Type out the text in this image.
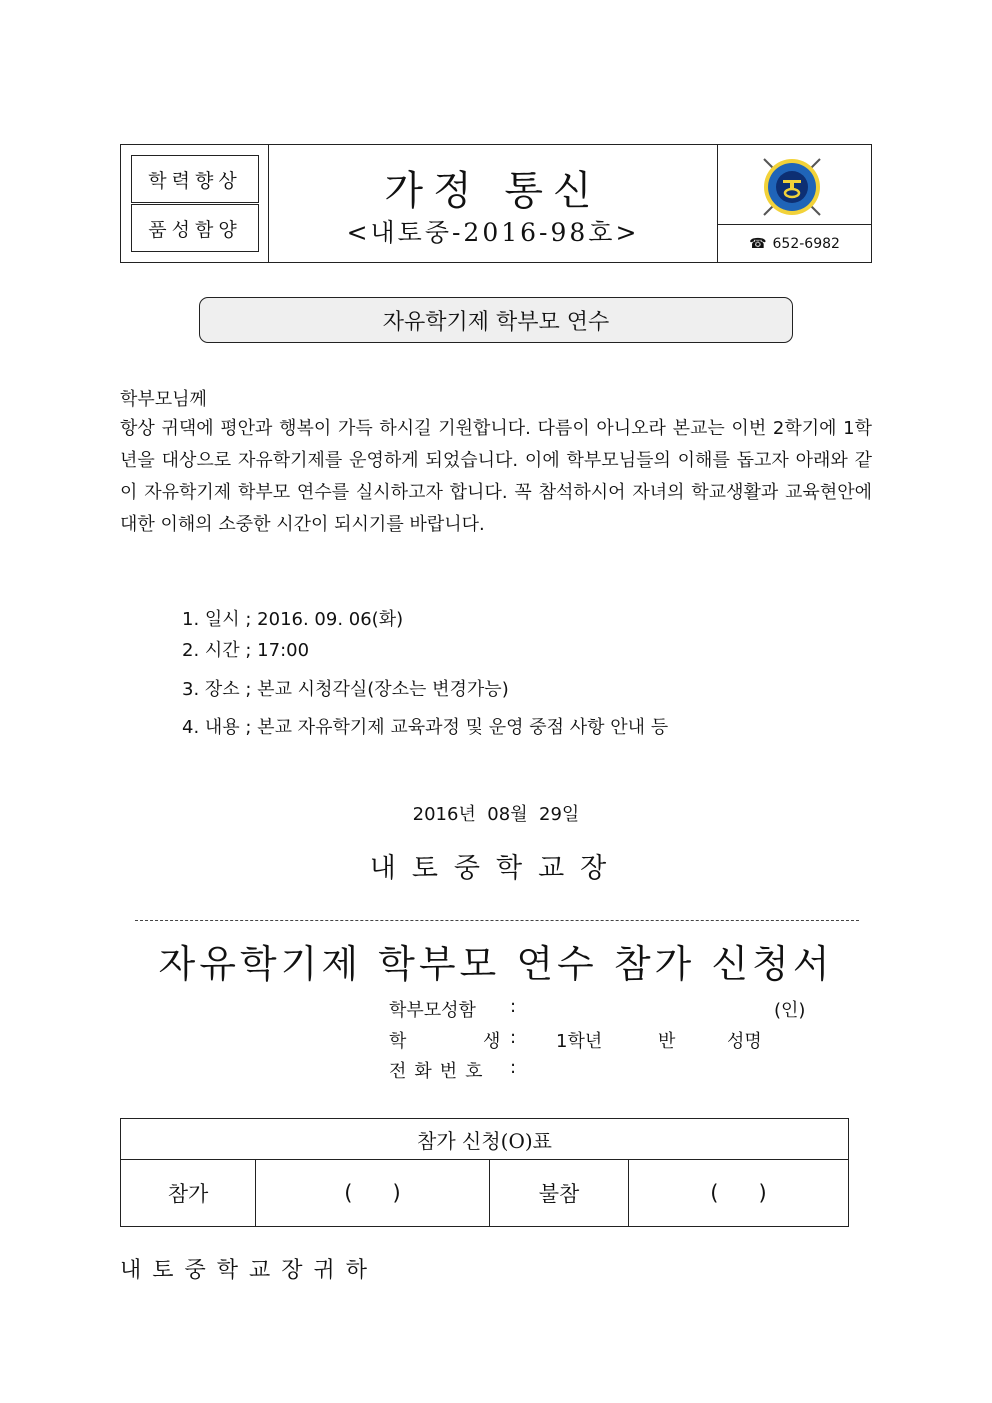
학력향상
품성함양
가정 통신
<내토중-2016-98호>	☎ 652-6982
자유학기제 학부모 연수
학부모님께
항상 귀댁에 평안과 행복이 가득 하시길 기원합니다. 다름이 아니오라 본교는 이번 2학기에 1학년을 대상으로 자유학기제를 운영하게 되었습니다. 이에 학부모님들의 이해를 돕고자 아래와 같이 자유학기제 학부모 연수를 실시하고자 합니다. 꼭 참석하시어 자녀의 학교생활과 교육현안에 대한 이해의 소중한 시간이 되시기를 바랍니다.
1. 일시 ; 2016. 09. 06(화)
2. 시간 ; 17:00
3. 장소 ; 본교 시청각실(장소는 변경가능)
4. 내용 ; 본교 자유학기제 교육과정 및 운영 중점 사항 안내 등
2016년  08월  29일
내토중학교장
자유학기제 학부모 연수 참가 신청서
학부모성함 :	(인)
학	생 : 1학년	반	성명
전화번호 :
참가 신청(O)표
참가	(      )	불참	(      )
내토중학교장귀하
